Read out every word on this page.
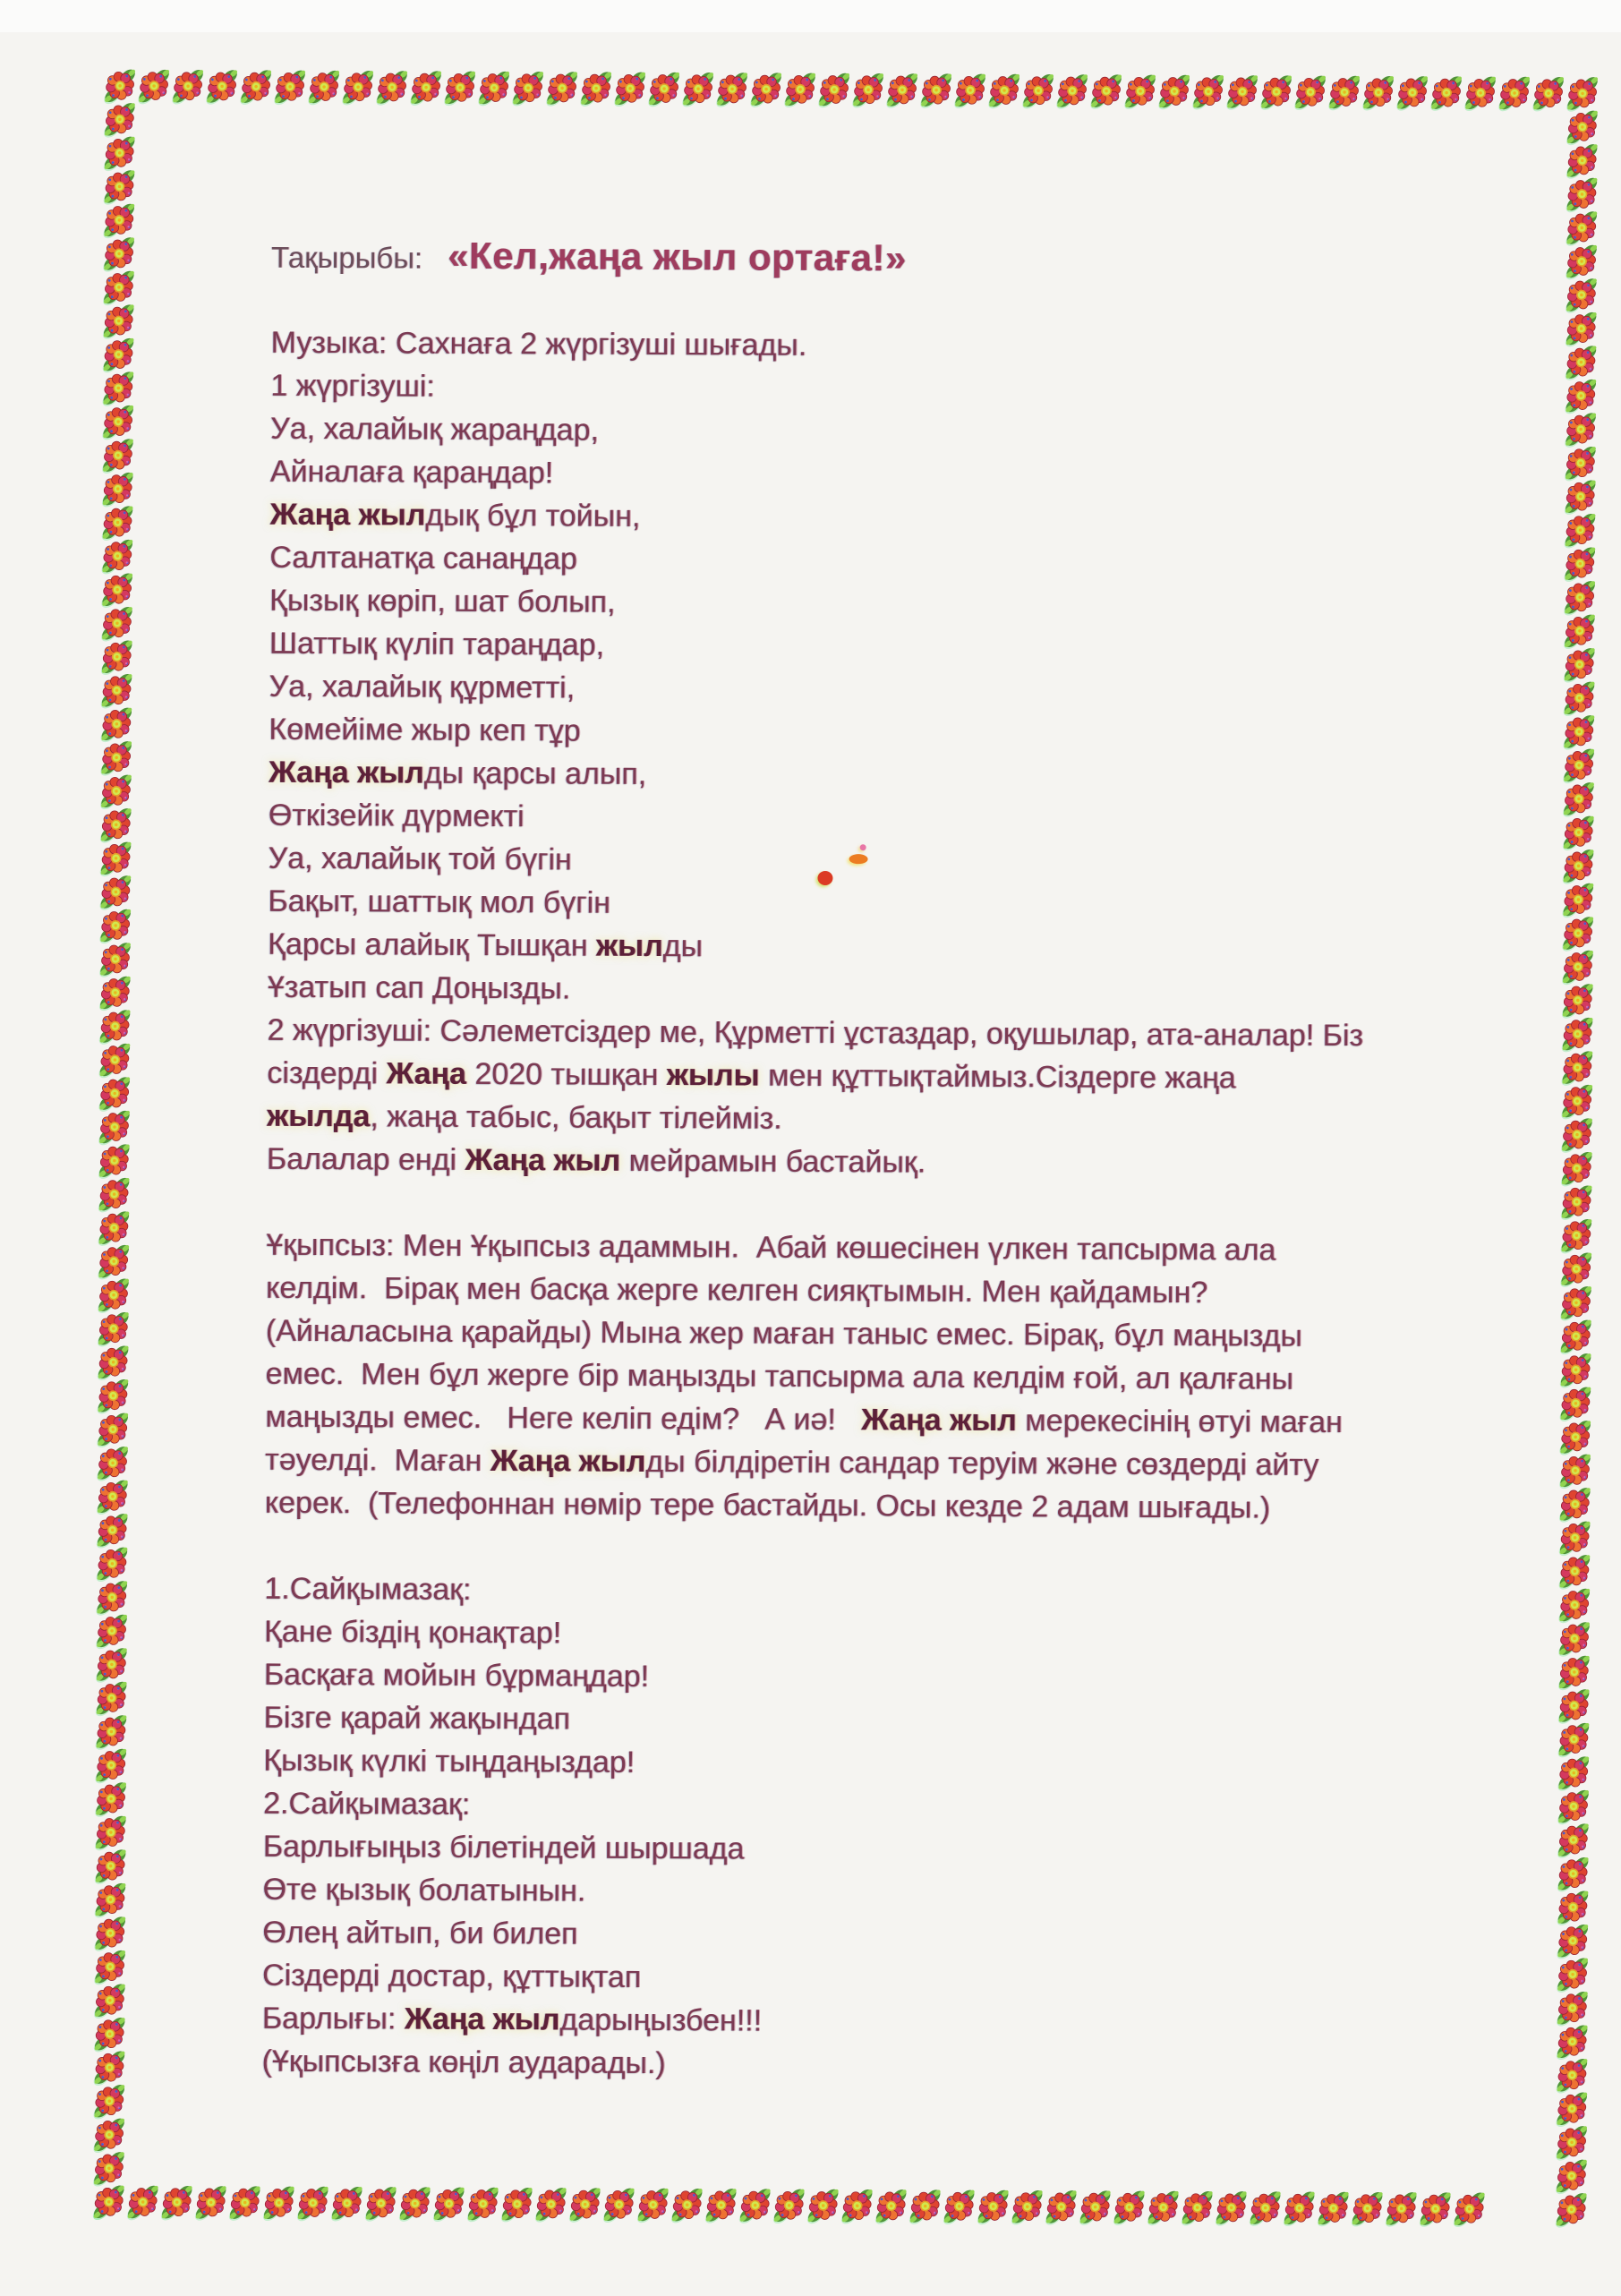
Тақырыбы: «Кел,жаңа жыл ортаға!»

Музыка: Сахнаға 2 жүргізуші шығады.

1 жүргізуші:

Уа, халайық жараңдар,

Айналаға қараңдар!

Жаңа жылдық бұл тойын,

Салтанатқа санаңдар

Қызық көріп, шат болып,

Шаттық күліп тараңдар,

Уа, халайық құрметті,

Көмейіме жыр кеп тұр

Жаңа жылды қарсы алып,

Өткізейік дүрмекті

Уа, халайық той бүгін

Бақыт, шаттық мол бүгін

Қарсы алайық Тышқан жылды

Ұзатып сап Доңызды.

2 жүргізуші: Сәлеметсіздер ме, Құрметті ұстаздар, оқушылар, ата-аналар! Біз

сіздерді Жаңа 2020 тышқан жылы мен құттықтаймыз.Сіздерге жаңа

жылда, жаңа табыс, бақыт тілейміз.

Балалар енді Жаңа жыл мейрамын бастайық.

Ұқыпсыз: Мен Ұқыпсыз адаммын.  Абай көшесінен үлкен тапсырма ала

келдім.  Бірақ мен басқа жерге келген сияқтымын. Мен қайдамын?

(Айналасына қарайды) Мына жер маған таныс емес. Бірақ, бұл маңызды

емес.  Мен бұл жерге бір маңызды тапсырма ала келдім ғой, ал қалғаны

маңызды емес.   Неге келіп едім?   А иә!   Жаңа жыл мерекесінің өтуі маған

тәуелді.  Маған Жаңа жылды білдіретін сандар теруім және сөздерді айту

керек.  (Телефоннан нөмір тере бастайды. Осы кезде 2 адам шығады.)

1.Сайқымазақ:

Қане біздің қонақтар!

Басқаға мойын бұрмаңдар!

Бізге қарай жақындап

Қызық күлкі тыңдаңыздар!

2.Сайқымазақ:

Барлығыңыз білетіндей шыршада

Өте қызық болатынын.

Өлең айтып, би билеп

Сіздерді достар, құттықтап

Барлығы: Жаңа жылдарыңызбен!!!

(Ұқыпсызға көңіл аударады.)
